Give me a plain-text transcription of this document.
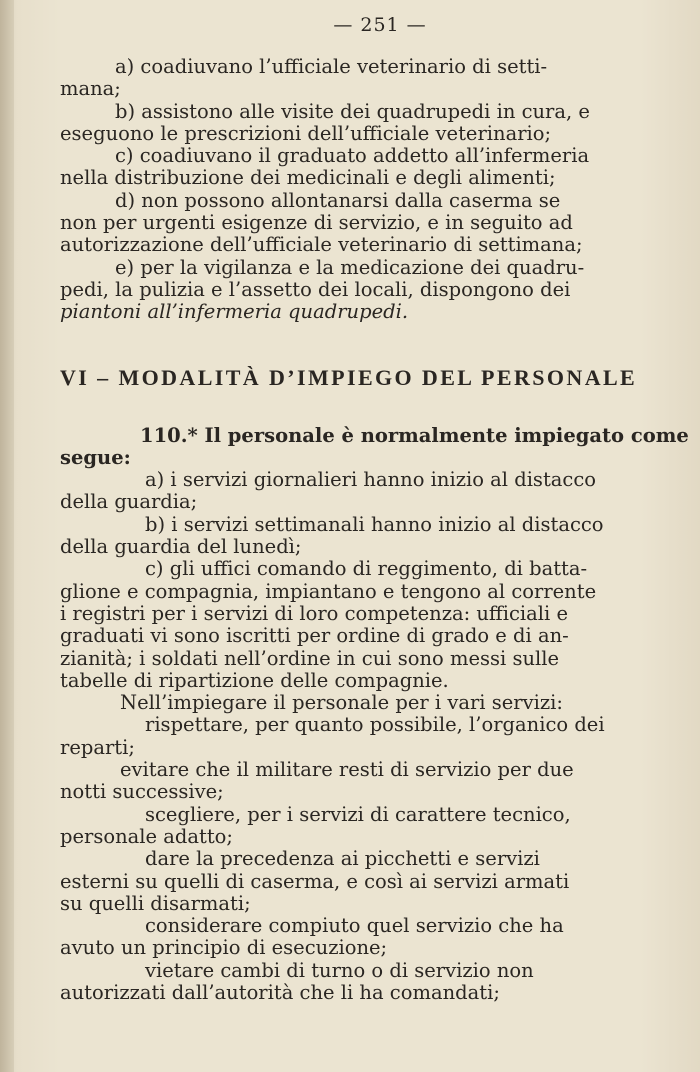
— 251 —
a) coadiuvano l’ufficiale veterinario di setti-
mana;
b) assistono alle visite dei quadrupedi in cura, e
eseguono le prescrizioni dell’ufficiale veterinario;
c) coadiuvano il graduato addetto all’infermeria
nella distribuzione dei medicinali e degli alimenti;
d) non possono allontanarsi dalla caserma se
non per urgenti esigenze di servizio, e in seguito ad
autorizzazione dell’ufficiale veterinario di settimana;
e) per la vigilanza e la medicazione dei quadru-
pedi, la pulizia e l’assetto dei locali, dispongono dei
piantoni all’infermeria quadrupedi.
VI – MODALITÀ D’IMPIEGO DEL PERSONALE
110.* Il personale è normalmente impiegato come
segue:
a) i servizi giornalieri hanno inizio al distacco
della guardia;
b) i servizi settimanali hanno inizio al distacco
della guardia del lunedì;
c) gli uffici comando di reggimento, di batta-
glione e compagnia, impiantano e tengono al corrente
i registri per i servizi di loro competenza: ufficiali e
graduati vi sono iscritti per ordine di grado e di an-
zianità; i soldati nell’ordine in cui sono messi sulle
tabelle di ripartizione delle compagnie.
Nell’impiegare il personale per i vari servizi:
rispettare, per quanto possibile, l’organico dei
reparti;
evitare che il militare resti di servizio per due
notti successive;
scegliere, per i servizi di carattere tecnico,
personale adatto;
dare la precedenza ai picchetti e servizi
esterni su quelli di caserma, e così ai servizi armati
su quelli disarmati;
considerare compiuto quel servizio che ha
avuto un principio di esecuzione;
vietare cambi di turno o di servizio non
autorizzati dall’autorità che li ha comandati;
